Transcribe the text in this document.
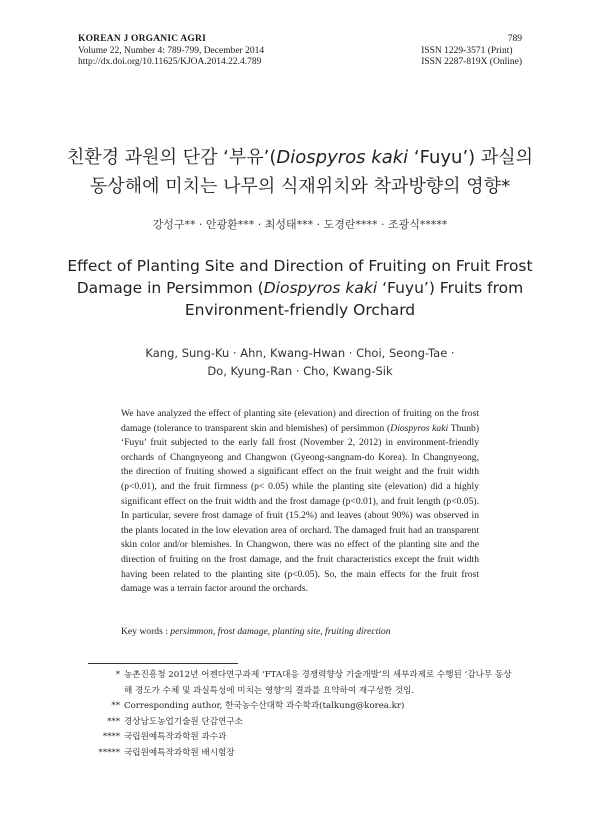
KOREAN J ORGANIC AGRI
Volume 22, Number 4: 789-799, December 2014
http://dx.doi.org/10.11625/KJOA.2014.22.4.789
789
ISSN 1229-3571 (Print)
ISSN 2287-819X (Online)
친환경 과원의 단감 ‘부유’(Diospyros kaki ‘Fuyu’) 과실의
동상해에 미치는 나무의 식재위치와 착과방향의 영향*
강성구** · 안광환*** · 최성태*** · 도경란**** · 조광식*****
Effect of Planting Site and Direction of Fruiting on Fruit Frost
Damage in Persimmon (Diospyros kaki ‘Fuyu’) Fruits from
Environment-friendly Orchard
Kang, Sung-Ku · Ahn, Kwang-Hwan · Choi, Seong-Tae ·
Do, Kyung-Ran · Cho, Kwang-Sik
We have analyzed the effect of planting site (elevation) and direction of fruiting on the frost damage (tolerance to transparent skin and blemishes) of persimmon (Diospyros kaki Thunb) ‘Fuyu’ fruit subjected to the early fall frost (November 2, 2012) in environment-friendly orchards of Changnyeong and Changwon (Gyeong-sangnam-do Korea). In Changnyeong, the direction of fruiting showed a significant effect on the fruit weight and the fruit width (p<0.01), and the fruit firmness (p< 0.05) while the planting site (elevation) did a highly significant effect on the fruit width and the frost damage (p<0.01), and fruit length (p<0.05). In particular, severe frost damage of fruit (15.2%) and leaves (about 90%) was observed in the plants located in the low elevation area of orchard. The damaged fruit had an transparent skin color and/or blemishes. In Changwon, there was no effect of the planting site and the direction of fruiting on the frost damage, and the fruit characteristics except the fruit width having been related to the planting site (p<0.05). So, the main effects for the fruit frost damage was a terrain factor around the orchards.
Key words : persimmon, frost damage, planting site, fruiting direction
* 농촌진흥청 2012년 어젠다연구과제 ‘FTA대응 경쟁력향상 기술개발’의 세부과제로 수행된 ‘감나무 동상해 경도가 수체 및 과실특성에 미치는 영향’의 결과를 요약하여 재구성한 것임.
** Corresponding author, 한국농수산대학 과수학과(talkung@korea.kr)
*** 경상남도농업기술원 단감연구소
**** 국립원예특작과학원 과수과
***** 국립원예특작과학원 배시험장
